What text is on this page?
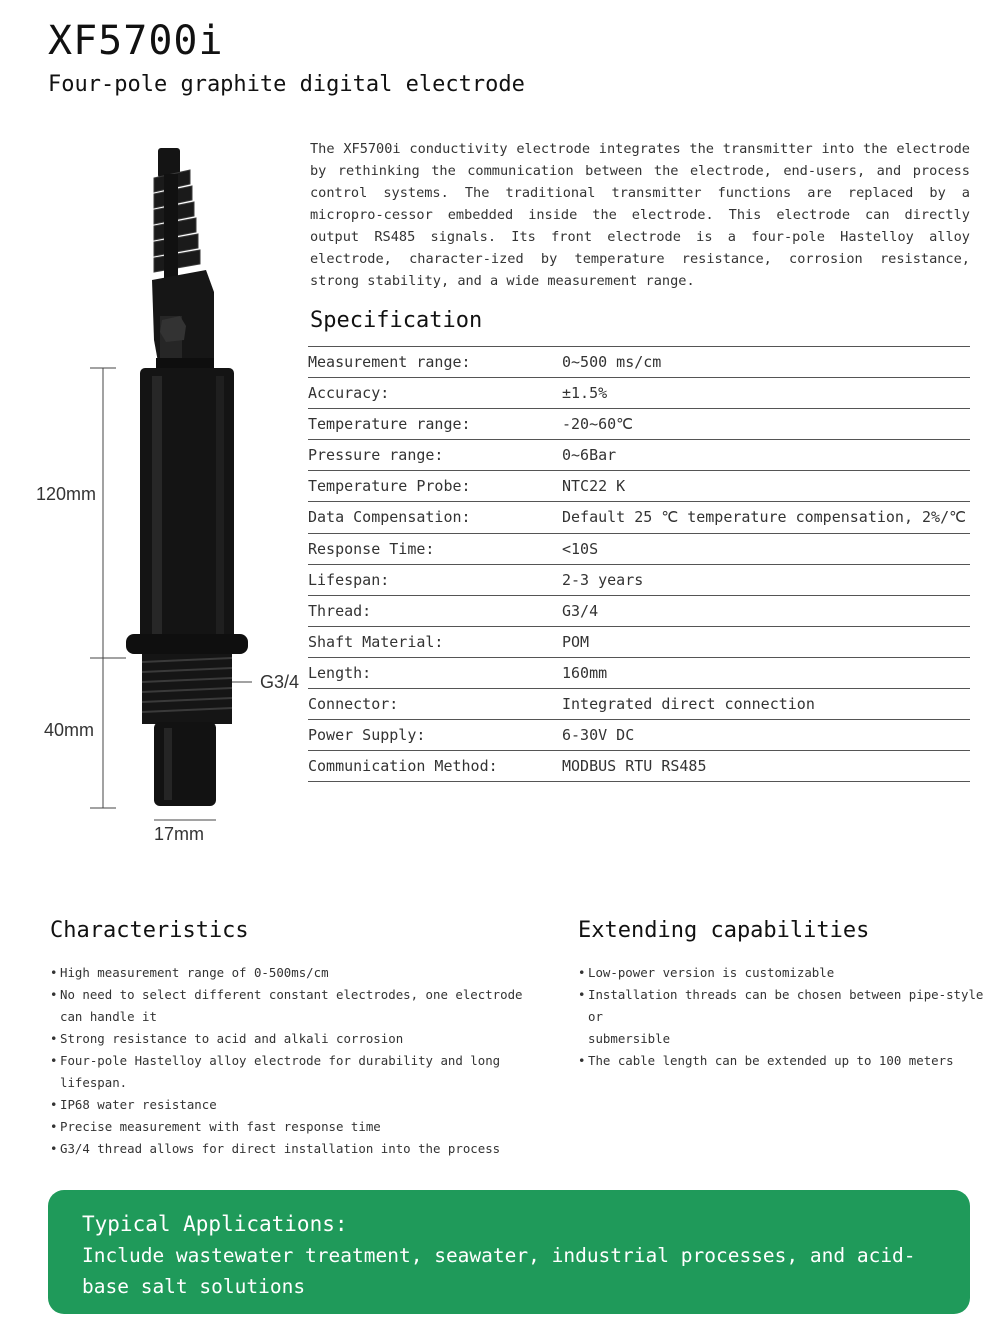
XF5700i
Four-pole graphite digital electrode
120mm
40mm
G3/4
17mm

The XF5700i conductivity electrode integrates the transmitter into the electrode by rethinking the communication between the electrode, end-users, and process control systems. The traditional transmitter functions are replaced by a micropro-cessor embedded inside the electrode. This electrode can directly output RS485 signals. Its front electrode is a four-pole Hastelloy alloy electrode, character-ized by temperature resistance, corrosion resistance, strong stability, and a wide measurement range.

Specification
Measurement range:	0~500 ms/cm
Accuracy:	±1.5%
Temperature range:	-20~60℃
Pressure range:	0~6Bar
Temperature Probe:	NTC22 K
Data Compensation:	Default 25 ℃ temperature compensation, 2%/℃
Response Time:	<10S
Lifespan:	2-3 years
Thread:	G3/4
Shaft Material:	POM
Length:	160mm
Connector:	Integrated direct connection
Power Supply:	6-30V DC
Communication Method:	MODBUS RTU RS485
Characteristics
• High measurement range of 0-500ms/cm
• No need to select different constant electrodes, one electrode
can handle it
• Strong resistance to acid and alkali corrosion
• Four-pole Hastelloy alloy electrode for durability and long lifespan.
• IP68 water resistance
• Precise measurement with fast response time
• G3/4 thread allows for direct installation into the process
Extending capabilities
• Low-power version is customizable
• Installation threads can be chosen between pipe-style or
submersible
• The cable length can be extended up to 100 meters
Typical Applications:
Include wastewater treatment, seawater, industrial processes, and acid-base salt solutions
